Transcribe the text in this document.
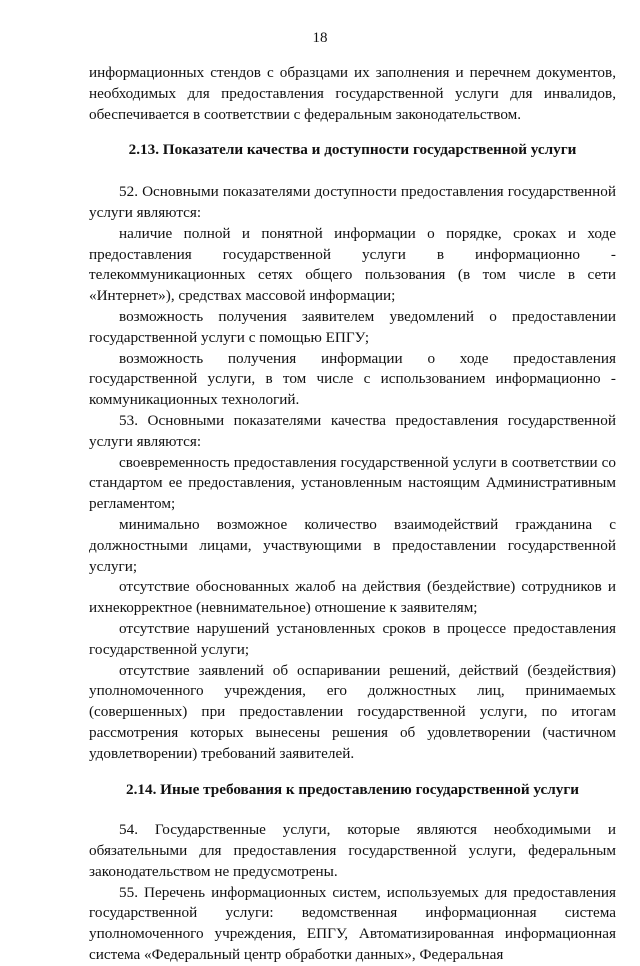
18

информационных стендов с образцами их заполнения и перечнем документов, необходимых для предоставления государственной услуги для инвалидов, обеспечивается в соответствии с федеральным законодательством.

2.13. Показатели качества и доступности государственной услуги

52. Основными показателями доступности предоставления государственной услуги являются:

наличие полной и понятной информации о порядке, сроках и ходе предоставления государственной услуги в информационно - телекоммуникационных сетях общего пользования (в том числе в сети «Интернет»), средствах массовой информации;

возможность получения заявителем уведомлений о предоставлении государственной услуги с помощью ЕПГУ;

возможность получения информации о ходе предоставления государственной услуги, в том числе с использованием информационно - коммуникационных технологий.

53. Основными показателями качества предоставления государственной услуги являются:

своевременность предоставления государственной услуги в соответствии со стандартом ее предоставления, установленным настоящим Административным регламентом;

минимально возможное количество взаимодействий гражданина с должностными лицами, участвующими в предоставлении государственной услуги;

отсутствие обоснованных жалоб на действия (бездействие) сотрудников и ихнекорректное (невнимательное) отношение к заявителям;

отсутствие нарушений установленных сроков в процессе предоставления государственной услуги;

отсутствие заявлений об оспаривании решений, действий (бездействия) уполномоченного учреждения, его должностных лиц, принимаемых (совершенных) при предоставлении государственной услуги, по итогам рассмотрения которых вынесены решения об удовлетворении (частичном удовлетворении) требований заявителей.

2.14. Иные требования к предоставлению государственной услуги

54. Государственные услуги, которые являются необходимыми и обязательными для предоставления государственной услуги, федеральным законодательством не предусмотрены.

55. Перечень информационных систем, используемых для предоставления государственной услуги: ведомственная информационная система уполномоченного учреждения, ЕПГУ, Автоматизированная информационная система «Федеральный центр обработки данных», Федеральная
